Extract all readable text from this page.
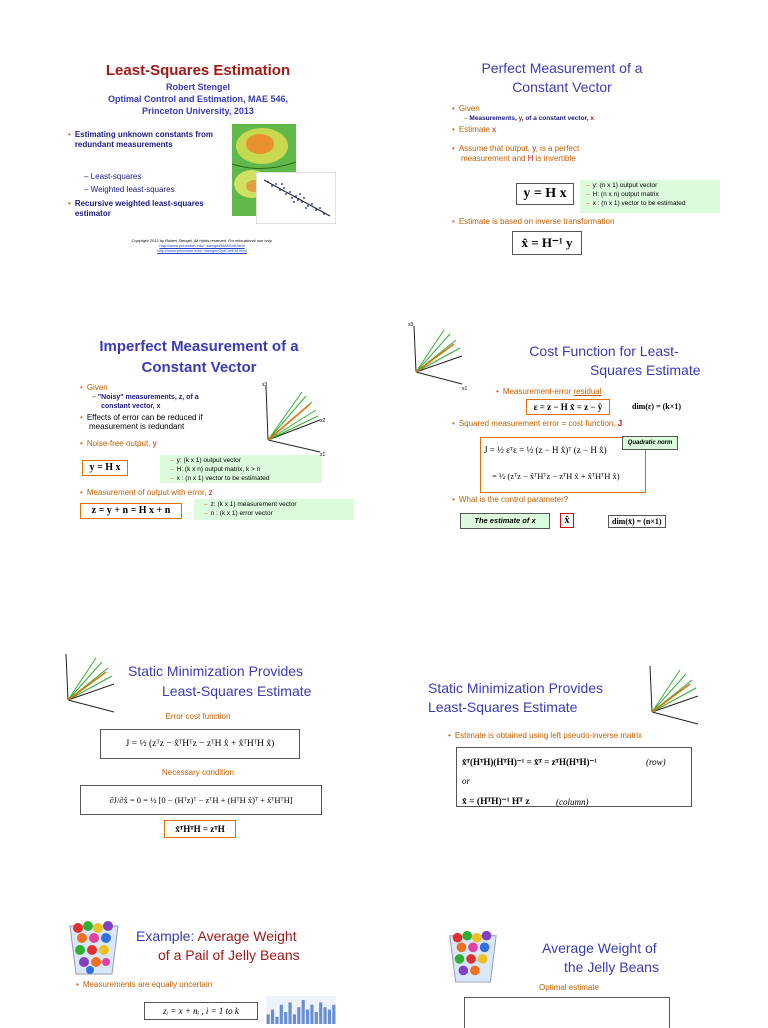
Least-Squares Estimation
Robert Stengel
Optimal Control and Estimation, MAE 546,
Princeton University, 2013
• Estimating unknown constants from redundant measurements
– Least-squares
– Weighted least-squares
• Recursive weighted least-squares estimator
Copyright 2013 by Robert Stengel. All rights reserved. For educational use only.
http://www.princeton.edu/~stengel/MAE546.html
http://www.princeton.edu/~stengel/OptConEst.html
Perfect Measurement of a
Constant Vector
• Given
– Measurements, y, of a constant vector, x
• Estimate x
• Assume that output, y, is a perfect
measurement and H is invertible
y = H x
– y: (n x 1) output vector
– H: (n x n) output matrix
– x : (n x 1) vector to be estimated
• Estimate is based on inverse transformation
x̂ = H⁻¹ y
Imperfect Measurement of a
Constant Vector
• Given
– "Noisy" measurements, z, of a
constant vector, x
• Effects of error can be reduced if
measurement is redundant
• Noise-free output, y
y = H x
– y: (k x 1) output vector
– H: (k x n) output matrix, k > n
– x : (n x 1) vector to be estimated
• Measurement of output with error, z
z = y + n = H x + n
– z: (k x 1) measurement vector
– n : (k x 1) error vector
x3
x1
x2
x3
x1
Cost Function for Least-
Squares Estimate
• Measurement-error residual
ε = z − H x̂ = z − ŷ	dim(ε) = (k×1)
• Squared measurement error = cost function, J
J = ½ εᵀε = ½ (z − H x̂)ᵀ (z − H x̂)
= ½ (zᵀz − x̂ᵀHᵀz − zᵀH x̂ + x̂ᵀHᵀH x̂)
Quadratic norm
• What is the control parameter?
The estimate of x	x̂	dim(x̂) = (n×1)
Static Minimization Provides
Least-Squares Estimate
Error cost function
J = ½ (zᵀz − x̂ᵀHᵀz − zᵀH x̂ + x̂ᵀHᵀH x̂)
Necessary condition
∂J/∂x̂ = 0 = ½ [0 − (Hᵀz)ᵀ − zᵀH + (HᵀH x̂)ᵀ + x̂ᵀHᵀH]
x̂ᵀHᵀH = zᵀH
Static Minimization Provides
Least-Squares Estimate
• Estimate is obtained using left pseudo-inverse matrix
x̂ᵀ(HᵀH)(HᵀH)⁻¹ = x̂ᵀ = zᵀH(HᵀH)⁻¹	(row)
or
x̂ = (HᵀH)⁻¹ Hᵀ z	(column)
Example: Average Weight
of a Pail of Jelly Beans
• Measurements are equally uncertain
zᵢ = x + nᵢ , i = 1 to k
Average Weight of
the Jelly Beans
Optimal estimate
